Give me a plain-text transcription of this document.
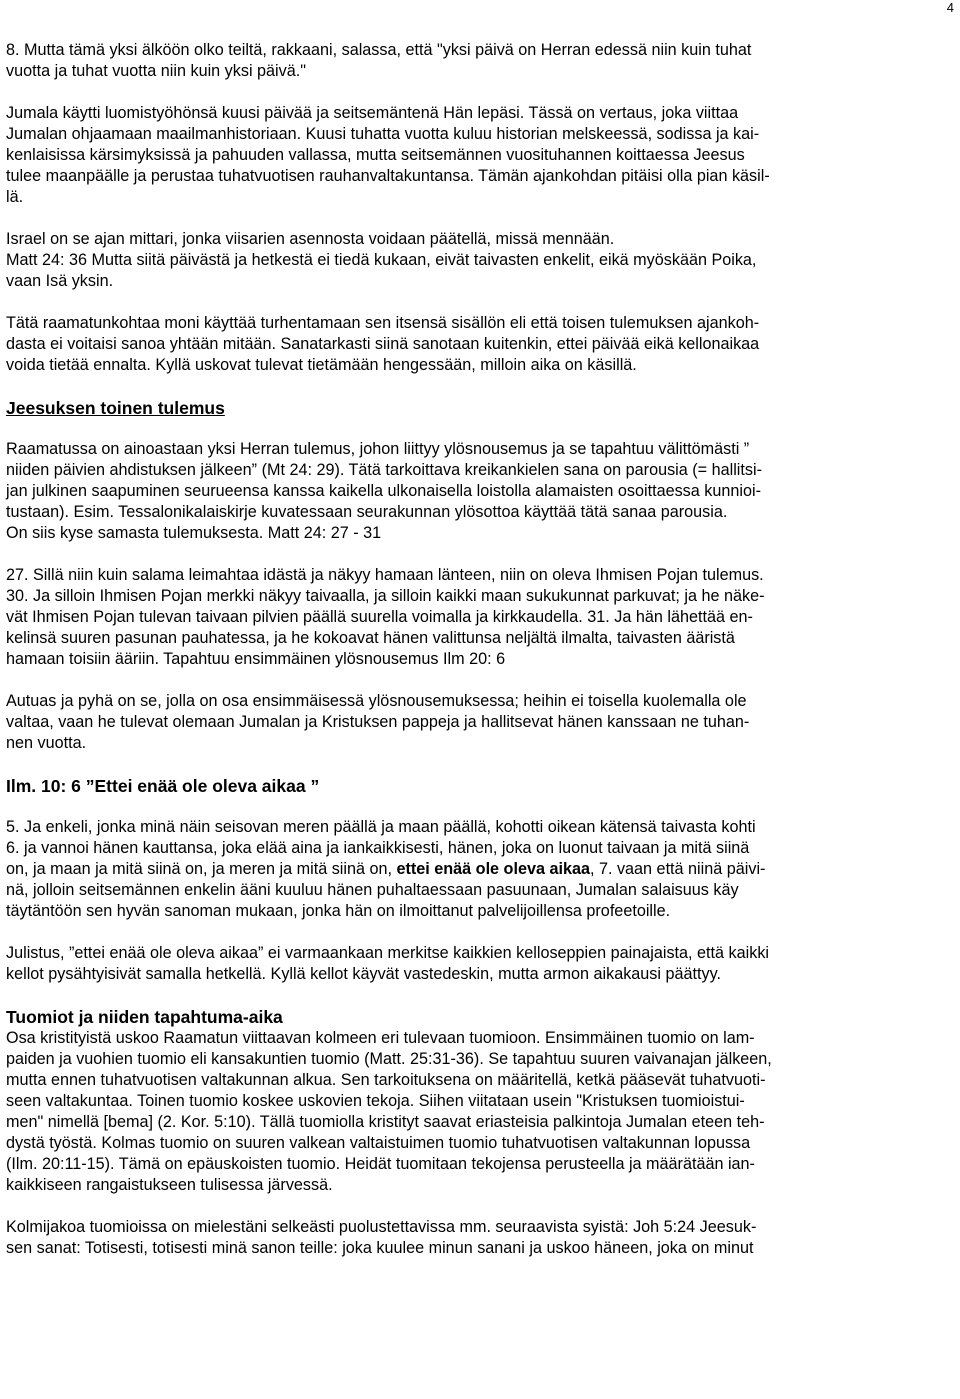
4

8. Mutta tämä yksi älköön olko teiltä, rakkaani, salassa, että "yksi päivä on Herran edessä niin kuin tuhat
vuotta ja tuhat vuotta niin kuin yksi päivä."

Jumala käytti luomistyöhönsä kuusi päivää ja seitsemäntenä Hän lepäsi. Tässä on vertaus, joka viittaa
Jumalan ohjaamaan maailmanhistoriaan. Kuusi tuhatta vuotta kuluu historian melskeessä, sodissa ja kai-
kenlaisissa kärsimyksissä ja pahuuden vallassa, mutta seitsemännen vuosituhannen koittaessa Jeesus
tulee maanpäälle ja perustaa tuhatvuotisen rauhanvaltakuntansa. Tämän ajankohdan pitäisi olla pian käsil-
lä.

Israel on se ajan mittari, jonka viisarien asennosta voidaan päätellä, missä mennään.
Matt 24: 36 Mutta siitä päivästä ja hetkestä ei tiedä kukaan, eivät taivasten enkelit, eikä myöskään Poika,
vaan Isä yksin.

Tätä raamatunkohtaa moni käyttää turhentamaan sen itsensä sisällön eli että toisen tulemuksen ajankoh-
dasta ei voitaisi sanoa yhtään mitään. Sanatarkasti siinä sanotaan kuitenkin, ettei päivää eikä kellonaikaa
voida tietää ennalta. Kyllä uskovat tulevat tietämään hengessään, milloin aika on käsillä.

Jeesuksen toinen tulemus

Raamatussa on ainoastaan yksi Herran tulemus, johon liittyy ylösnousemus ja se tapahtuu välittömästi ”
niiden päivien ahdistuksen jälkeen” (Mt 24: 29). Tätä tarkoittava kreikankielen sana on parousia (= hallitsi-
jan julkinen saapuminen seurueensa kanssa kaikella ulkonaisella loistolla alamaisten osoittaessa kunnioi-
tustaan). Esim. Tessalonikalaiskirje kuvatessaan seurakunnan ylösottoa käyttää tätä sanaa parousia.
On siis kyse samasta tulemuksesta. Matt 24: 27 - 31

27. Sillä niin kuin salama leimahtaa idästä ja näkyy hamaan länteen, niin on oleva Ihmisen Pojan tulemus.
30. Ja silloin Ihmisen Pojan merkki näkyy taivaalla, ja silloin kaikki maan sukukunnat parkuvat; ja he näke-
vät Ihmisen Pojan tulevan taivaan pilvien päällä suurella voimalla ja kirkkaudella. 31. Ja hän lähettää en-
kelinsä suuren pasunan pauhatessa, ja he kokoavat hänen valittunsa neljältä ilmalta, taivasten ääristä
hamaan toisiin ääriin. Tapahtuu ensimmäinen ylösnousemus Ilm 20: 6

Autuas ja pyhä on se, jolla on osa ensimmäisessä ylösnousemuksessa; heihin ei toisella kuolemalla ole
valtaa, vaan he tulevat olemaan Jumalan ja Kristuksen pappeja ja hallitsevat hänen kanssaan ne tuhan-
nen vuotta.

Ilm. 10: 6 ”Ettei enää ole oleva aikaa ”

5. Ja enkeli, jonka minä näin seisovan meren päällä ja maan päällä, kohotti oikean kätensä taivasta kohti
6. ja vannoi hänen kauttansa, joka elää aina ja iankaikkisesti, hänen, joka on luonut taivaan ja mitä siinä
on, ja maan ja mitä siinä on, ja meren ja mitä siinä on, ettei enää ole oleva aikaa, 7. vaan että niinä päivi-
nä, jolloin seitsemännen enkelin ääni kuuluu hänen puhaltaessaan pasuunaan, Jumalan salaisuus käy
täytäntöön sen hyvän sanoman mukaan, jonka hän on ilmoittanut palvelijoillensa profeetoille.

Julistus, ”ettei enää ole oleva aikaa” ei varmaankaan merkitse kaikkien kelloseppien painajaista, että kaikki
kellot pysähtyisivät samalla hetkellä. Kyllä kellot käyvät vastedeskin, mutta armon aikakausi päättyy.

Tuomiot ja niiden tapahtuma-aika

Osa kristityistä uskoo Raamatun viittaavan kolmeen eri tulevaan tuomioon. Ensimmäinen tuomio on lam-
paiden ja vuohien tuomio eli kansakuntien tuomio (Matt. 25:31-36). Se tapahtuu suuren vaivanajan jälkeen,
mutta ennen tuhatvuotisen valtakunnan alkua. Sen tarkoituksena on määritellä, ketkä pääsevät tuhatvuoti-
seen valtakuntaa. Toinen tuomio koskee uskovien tekoja. Siihen viitataan usein "Kristuksen tuomioistui-
men" nimellä [bema] (2. Kor. 5:10). Tällä tuomiolla kristityt saavat eriasteisia palkintoja Jumalan eteen teh-
dystä työstä. Kolmas tuomio on suuren valkean valtaistuimen tuomio tuhatvuotisen valtakunnan lopussa
(Ilm. 20:11-15). Tämä on epäuskoisten tuomio. Heidät tuomitaan tekojensa perusteella ja määrätään ian-
kaikkiseen rangaistukseen tulisessa järvessä.

Kolmijakoa tuomioissa on mielestäni selkeästi puolustettavissa mm. seuraavista syistä: Joh 5:24 Jeesuk-
sen sanat: Totisesti, totisesti minä sanon teille: joka kuulee minun sanani ja uskoo häneen, joka on minut
